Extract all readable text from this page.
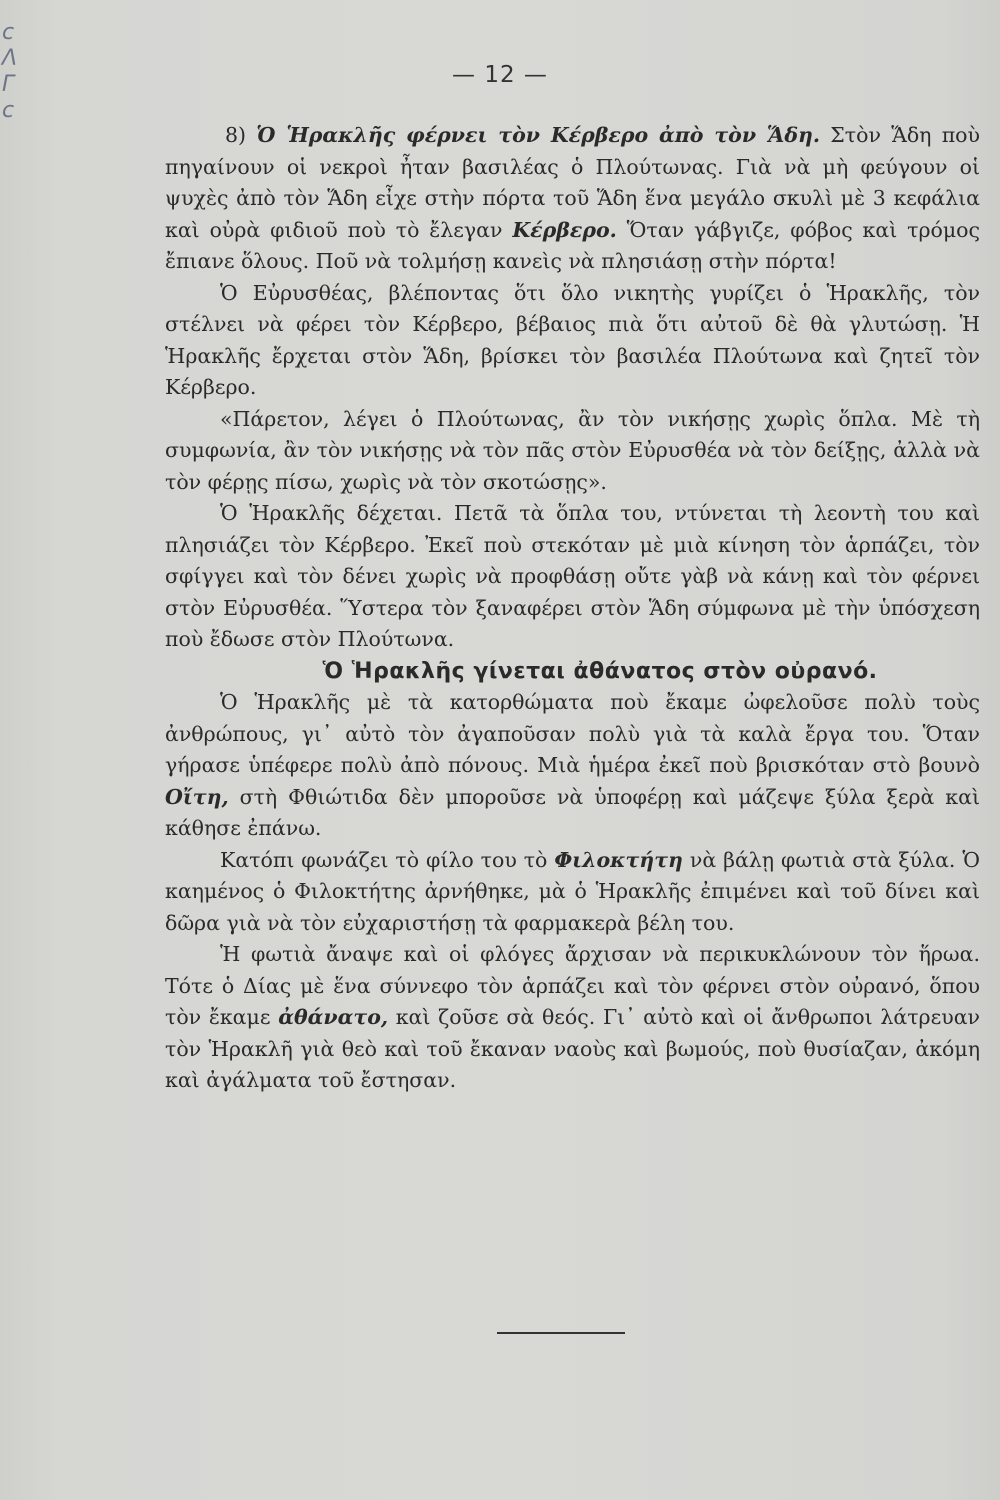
c
Λ
Γ
c
— 12 —

8) Ὁ Ἡρακλῆς φέρνει τὸν Κέρβερο ἀπὸ τὸν Ἅδη. Στὸν Ἅδη ποὺ πηγαίνουν οἱ νεκροὶ ἦταν βασιλέας ὁ Πλούτωνας. Γιὰ νὰ μὴ φεύγουν οἱ ψυχὲς ἀπὸ τὸν Ἅδη εἶχε στὴν πόρτα τοῦ Ἅδη ἕνα μεγάλο σκυλὶ μὲ 3 κεφάλια καὶ οὐρὰ φιδιοῦ ποὺ τὸ ἔλεγαν Κέρβερο. Ὅταν γάβγιζε, φόβος καὶ τρόμος ἔπιανε ὅλους. Ποῦ νὰ τολμήσῃ κανεὶς νὰ πλησιάσῃ στὴν πόρτα!

Ὁ Εὐρυσθέας, βλέποντας ὅτι ὅλο νικητὴς γυρίζει ὁ Ἡρακλῆς, τὸν στέλνει νὰ φέρει τὸν Κέρβερο, βέβαιος πιὰ ὅτι αὐτοῦ δὲ θὰ γλυτώσῃ. Ἡ Ἡρακλῆς ἔρχεται στὸν Ἅδη, βρίσκει τὸν βασιλέα Πλούτωνα καὶ ζητεῖ τὸν Κέρβερο.

«Πάρετον, λέγει ὁ Πλούτωνας, ἂν τὸν νικήσῃς χωρὶς ὅπλα. Μὲ τὴ συμφωνία, ἂν τὸν νικήσῃς νὰ τὸν πᾶς στὸν Εὐρυσθέα νὰ τὸν δείξῃς, ἀλλὰ νὰ τὸν φέρῃς πίσω, χωρὶς νὰ τὸν σκοτώσῃς».

Ὁ Ἡρακλῆς δέχεται. Πετᾶ τὰ ὅπλα του, ντύνεται τὴ λεοντὴ του καὶ πλησιάζει τὸν Κέρβερο. Ἐκεῖ ποὺ στεκόταν μὲ μιὰ κίνηση τὸν ἁρπάζει, τὸν σφίγγει καὶ τὸν δένει χωρὶς νὰ προφθάσῃ οὔτε γὰβ νὰ κάνῃ καὶ τὸν φέρνει στὸν Εὐρυσθέα. Ὕστερα τὸν ξαναφέρει στὸν Ἅδη σύμφωνα μὲ τὴν ὑπόσχεση ποὺ ἔδωσε στὸν Πλούτωνα.

Ὁ Ἡρακλῆς γίνεται ἀθάνατος στὸν οὐρανό.

Ὁ Ἡρακλῆς μὲ τὰ κατορθώματα ποὺ ἔκαμε ὠφελοῦσε πολὺ τοὺς ἀνθρώπους, γι᾿ αὐτὸ τὸν ἀγαποῦσαν πολὺ γιὰ τὰ καλὰ ἔργα του. Ὅταν γήρασε ὑπέφερε πολὺ ἀπὸ πόνους. Μιὰ ἡμέρα ἐκεῖ ποὺ βρισκόταν στὸ βουνὸ Οἴτη, στὴ Φθιώτιδα δὲν μποροῦσε νὰ ὑποφέρῃ καὶ μάζεψε ξύλα ξερὰ καὶ κάθησε ἐπάνω.

Κατόπι φωνάζει τὸ φίλο του τὸ Φιλοκτήτη νὰ βάλῃ φωτιὰ στὰ ξύλα. Ὁ καημένος ὁ Φιλοκτήτης ἀρνήθηκε, μὰ ὁ Ἡρακλῆς ἐπιμένει καὶ τοῦ δίνει καὶ δῶρα γιὰ νὰ τὸν εὐχαριστήσῃ τὰ φαρμακερὰ βέλη του.

Ἡ φωτιὰ ἄναψε καὶ οἱ φλόγες ἄρχισαν νὰ περικυκλώνουν τὸν ἥρωα. Τότε ὁ Δίας μὲ ἕνα σύννεφο τὸν ἁρπάζει καὶ τὸν φέρνει στὸν οὐρανό, ὅπου τὸν ἔκαμε ἀθάνατο, καὶ ζοῦσε σὰ θεός. Γι᾿ αὐτὸ καὶ οἱ ἄνθρωποι λάτρευαν τὸν Ἡρακλῆ γιὰ θεὸ καὶ τοῦ ἔκαναν ναοὺς καὶ βωμούς, ποὺ θυσίαζαν, ἀκόμη καὶ ἀγάλματα τοῦ ἔστησαν.
